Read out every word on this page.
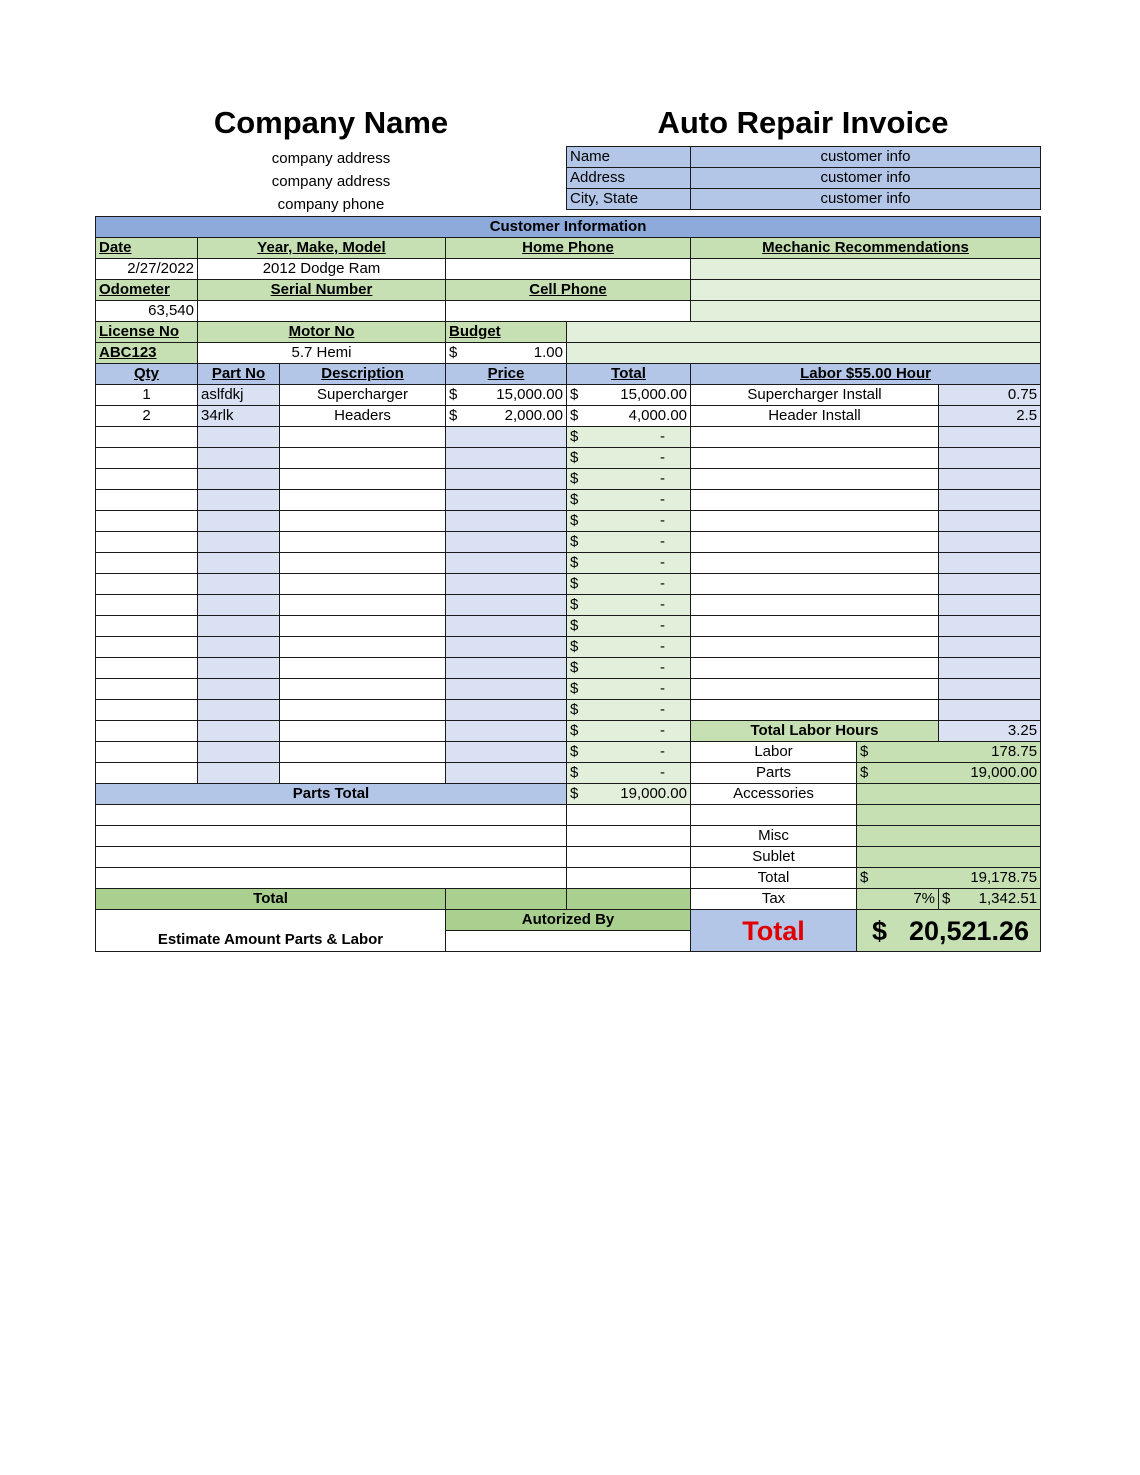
Company Name	Auto Repair Invoice
company address
company address
company phone
Name	customer info
Address	customer info
City, State	customer info
Customer Information							
Date	Year, Make, Model		Home Phone		Mechanic Recommendations		
2/27/2022	2012 Dodge Ram						
Odometer	Serial Number		Cell Phone				
63,540							
License No	Motor No		Budget				
ABC123	5.7 Hemi		$ 1.00				

Qty	Part No	Description	Price	Total	Labor $55.00 Hour		
1	aslfdkj	Supercharger	$ 15,000.00	$ 15,000.00	Supercharger Install		0.75
2	34rlk	Headers	$ 2,000.00	$ 4,000.00	Header Install		2.5

				$ -			

				$ -			

				$ -			

				$ -			

				$ -			

				$ -			

				$ -			

				$ -			

				$ -			

				$ -			

				$ -			

				$ -			

				$ -			

				$ -			

				$ -	Total Labor Hours		3.25

				$ -	Labor	$ 178.75	

				$ -	Parts	$ 19,000.00	

Parts Total				$ 19,000.00	Accessories		

					Misc		
					Sublet		
					Total	$ 19,178.75	

Total					Tax	7%	$ 1,342.51

Estimate Amount Parts & Labor			Autorized By		Total	$ 20,521.26	
